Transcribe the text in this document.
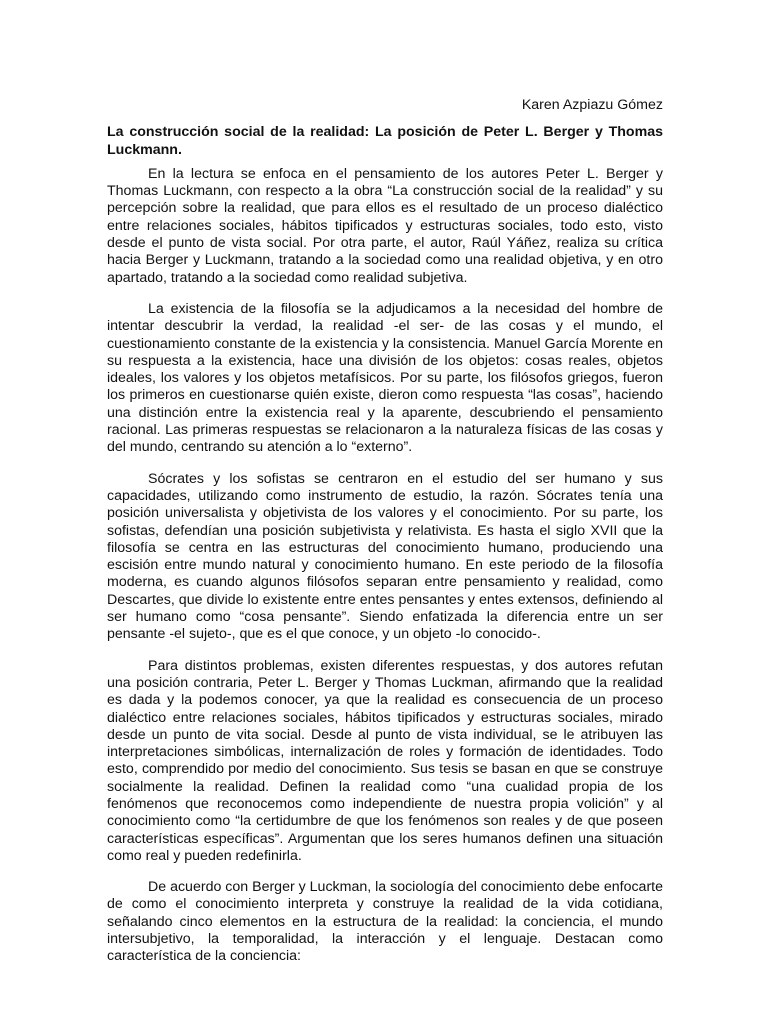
Karen Azpiazu Gómez

La construcción social de la realidad: La posición de Peter L. Berger y Thomas Luckmann.

En la lectura se enfoca en el pensamiento de los autores Peter L. Berger y Thomas Luckmann, con respecto a la obra “La construcción social de la realidad” y su percepción sobre la realidad, que para ellos es el resultado de un proceso dialéctico entre relaciones sociales, hábitos tipificados y estructuras sociales, todo esto, visto desde el punto de vista social. Por otra parte, el autor, Raúl Yáñez, realiza su crítica hacia Berger y Luckmann, tratando a la sociedad como una realidad objetiva, y en otro apartado, tratando a la sociedad como realidad subjetiva.

La existencia de la filosofía se la adjudicamos a la necesidad del hombre de intentar descubrir la verdad, la realidad -el ser- de las cosas y el mundo, el cuestionamiento constante de la existencia y la consistencia. Manuel García Morente en su respuesta a la existencia, hace una división de los objetos: cosas reales, objetos ideales, los valores y los objetos metafísicos. Por su parte, los filósofos griegos, fueron los primeros en cuestionarse quién existe, dieron como respuesta “las cosas”, haciendo una distinción entre la existencia real y la aparente, descubriendo el pensamiento racional. Las primeras respuestas se relacionaron a la naturaleza físicas de las cosas y del mundo, centrando su atención a lo “externo”.

Sócrates y los sofistas se centraron en el estudio del ser humano y sus capacidades, utilizando como instrumento de estudio, la razón. Sócrates tenía una posición universalista y objetivista de los valores y el conocimiento. Por su parte, los sofistas, defendían una posición subjetivista y relativista. Es hasta el siglo XVII que la filosofía se centra en las estructuras del conocimiento humano, produciendo una escisión entre mundo natural y conocimiento humano. En este periodo de la filosofía moderna, es cuando algunos filósofos separan entre pensamiento y realidad, como Descartes, que divide lo existente entre entes pensantes y entes extensos, definiendo al ser humano como “cosa pensante”. Siendo enfatizada la diferencia entre un ser pensante -el sujeto-, que es el que conoce, y un objeto -lo conocido-.

Para distintos problemas, existen diferentes respuestas, y dos autores refutan una posición contraria, Peter L. Berger y Thomas Luckman, afirmando que la realidad es dada y la podemos conocer, ya que la realidad es consecuencia de un proceso dialéctico entre relaciones sociales, hábitos tipificados y estructuras sociales, mirado desde un punto de vita social. Desde al punto de vista individual, se le atribuyen las interpretaciones simbólicas, internalización de roles y formación de identidades. Todo esto, comprendido por medio del conocimiento. Sus tesis se basan en que se construye socialmente la realidad. Definen la realidad como “una cualidad propia de los fenómenos que reconocemos como independiente de nuestra propia volición” y al conocimiento como “la certidumbre de que los fenómenos son reales y de que poseen características específicas”. Argumentan que los seres humanos definen una situación como real y pueden redefinirla.

De acuerdo con Berger y Luckman, la sociología del conocimiento debe enfocarte de como el conocimiento interpreta y construye la realidad de la vida cotidiana, señalando cinco elementos en la estructura de la realidad: la conciencia, el mundo intersubjetivo, la temporalidad, la interacción y el lenguaje. Destacan como característica de la conciencia:
